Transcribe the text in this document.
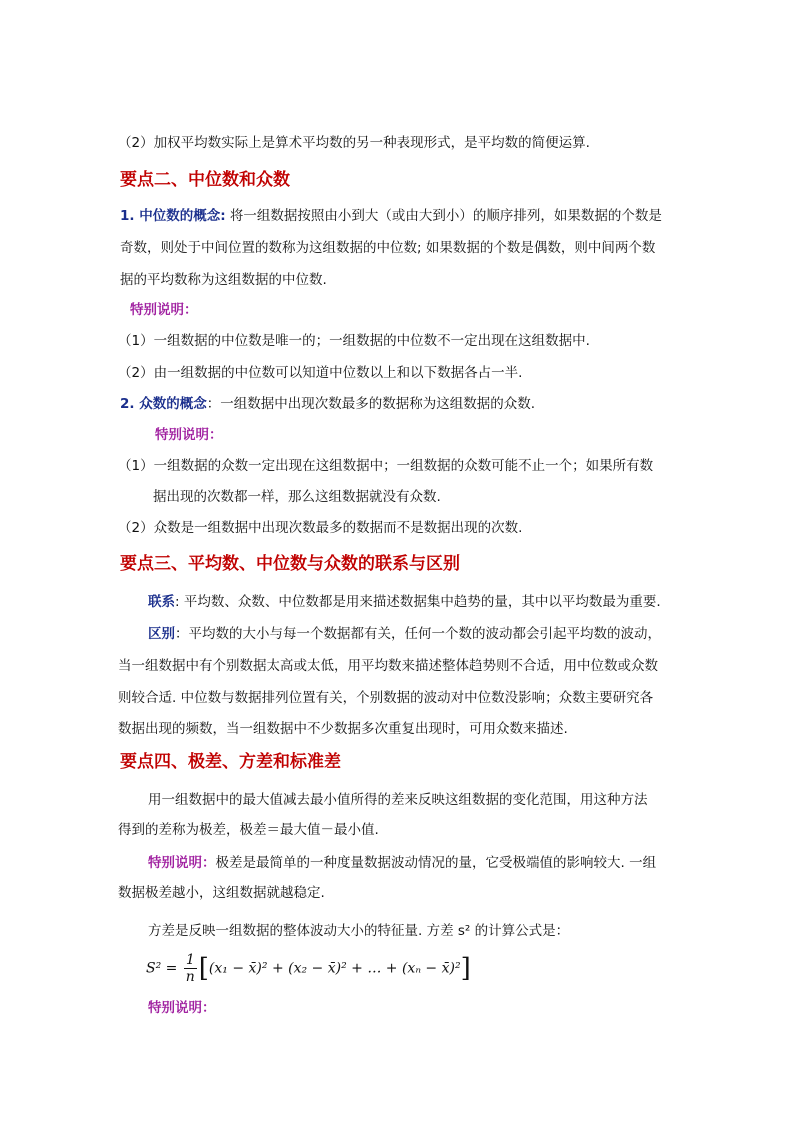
（2）加权平均数实际上是算术平均数的另一种表现形式，是平均数的简便运算.
要点二、中位数和众数
1. 中位数的概念: 将一组数据按照由小到大（或由大到小）的顺序排列，如果数据的个数是
奇数，则处于中间位置的数称为这组数据的中位数; 如果数据的个数是偶数，则中间两个数
据的平均数称为这组数据的中位数.
特别说明：
（1）一组数据的中位数是唯一的；一组数据的中位数不一定出现在这组数据中.
（2）由一组数据的中位数可以知道中位数以上和以下数据各占一半.
2. 众数的概念：一组数据中出现次数最多的数据称为这组数据的众数.
特别说明：
（1）一组数据的众数一定出现在这组数据中；一组数据的众数可能不止一个；如果所有数
据出现的次数都一样，那么这组数据就没有众数.
（2）众数是一组数据中出现次数最多的数据而不是数据出现的次数.
要点三、平均数、中位数与众数的联系与区别
联系: 平均数、众数、中位数都是用来描述数据集中趋势的量，其中以平均数最为重要.
区别：平均数的大小与每一个数据都有关，任何一个数的波动都会引起平均数的波动，
当一组数据中有个别数据太高或太低，用平均数来描述整体趋势则不合适，用中位数或众数
则较合适. 中位数与数据排列位置有关，个别数据的波动对中位数没影响；众数主要研究各
数据出现的频数，当一组数据中不少数据多次重复出现时，可用众数来描述.
要点四、极差、方差和标准差
用一组数据中的最大值减去最小值所得的差来反映这组数据的变化范围，用这种方法
得到的差称为极差，极差＝最大值－最小值.
特别说明：极差是最简单的一种度量数据波动情况的量，它受极端值的影响较大. 一组
数据极差越小，这组数据就越稳定.
方差是反映一组数据的整体波动大小的特征量. 方差 s² 的计算公式是：
$S^2 = \frac{1}{n} [(x_1$ − x̄)² + (x₂ − x̄)² + … + (xₙ − x̄)²]
特别说明：
